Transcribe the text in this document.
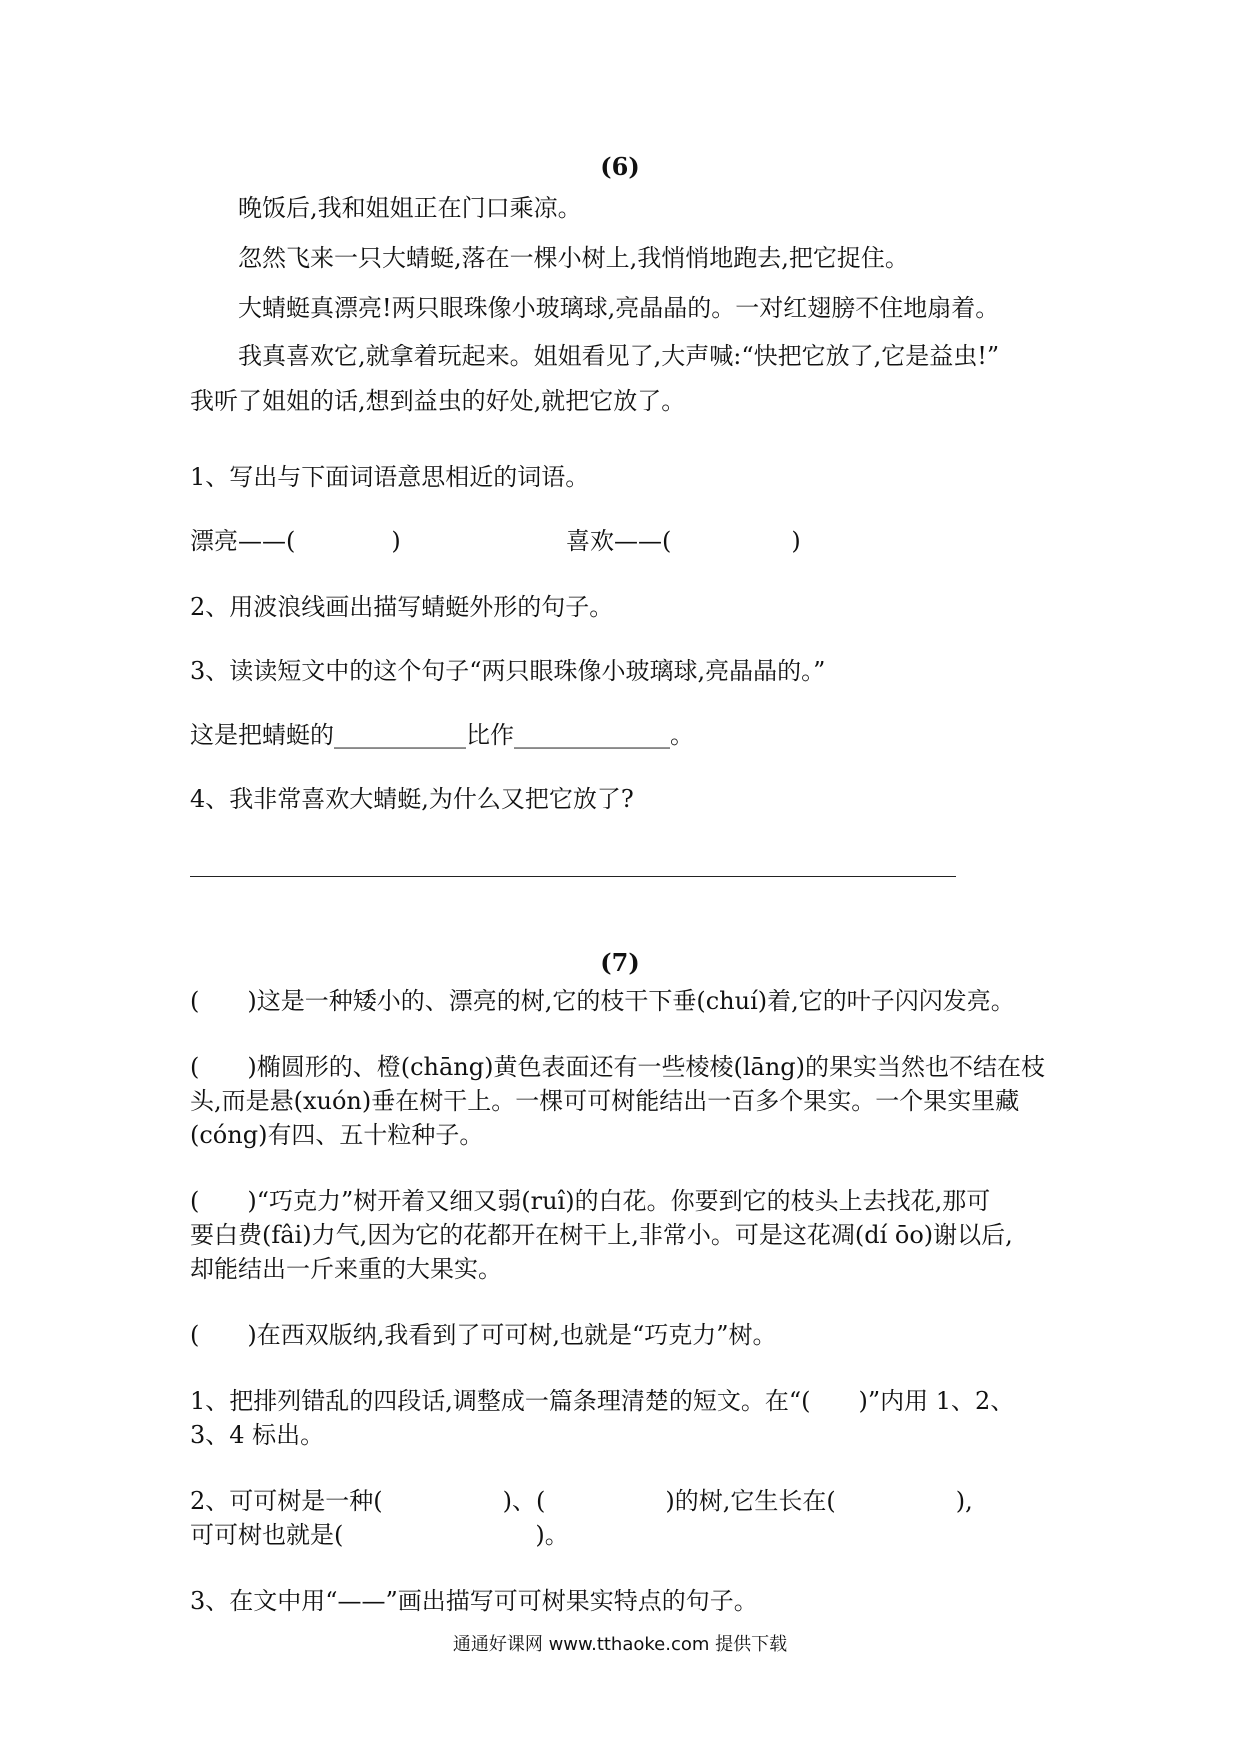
(6)
晚饭后,我和姐姐正在门口乘凉。
忽然飞来一只大蜻蜓,落在一棵小树上,我悄悄地跑去,把它捉住。
大蜻蜓真漂亮!两只眼珠像小玻璃球,亮晶晶的。一对红翅膀不住地扇着。
我真喜欢它,就拿着玩起来。姐姐看见了,大声喊:“快把它放了,它是益虫!”
我听了姐姐的话,想到益虫的好处,就把它放了。
1、写出与下面词语意思相近的词语。
漂亮——(　　　　)	喜欢——(　　　　　)
2、用波浪线画出描写蜻蜓外形的句子。
3、读读短文中的这个句子“两只眼珠像小玻璃球,亮晶晶的。”
这是把蜻蜓的___________比作_____________。
4、我非常喜欢大蜻蜓,为什么又把它放了?
(7)
(　　)这是一种矮小的、漂亮的树,它的枝干下垂(chuí)着,它的叶子闪闪发亮。
(　　)椭圆形的、橙(chāng)黄色表面还有一些棱棱(lāng)的果实当然也不结在枝
头,而是悬(xuón)垂在树干上。一棵可可树能结出一百多个果实。一个果实里藏
(cóng)有四、五十粒种子。
(　　)“巧克力”树开着又细又弱(ruî)的白花。你要到它的枝头上去找花,那可
要白费(fâi)力气,因为它的花都开在树干上,非常小。可是这花凋(dí ōo)谢以后,
却能结出一斤来重的大果实。
(　　)在西双版纳,我看到了可可树,也就是“巧克力”树。
1、把排列错乱的四段话,调整成一篇条理清楚的短文。在“(　　)”内用 1、2、
3、4 标出。
2、可可树是一种(　　　　　)、(　　　　　)的树,它生长在(　　　　　),
可可树也就是(　　　　　　　　)。
3、在文中用“——”画出描写可可树果实特点的句子。
通通好课网 www.tthaoke.com 提供下载
